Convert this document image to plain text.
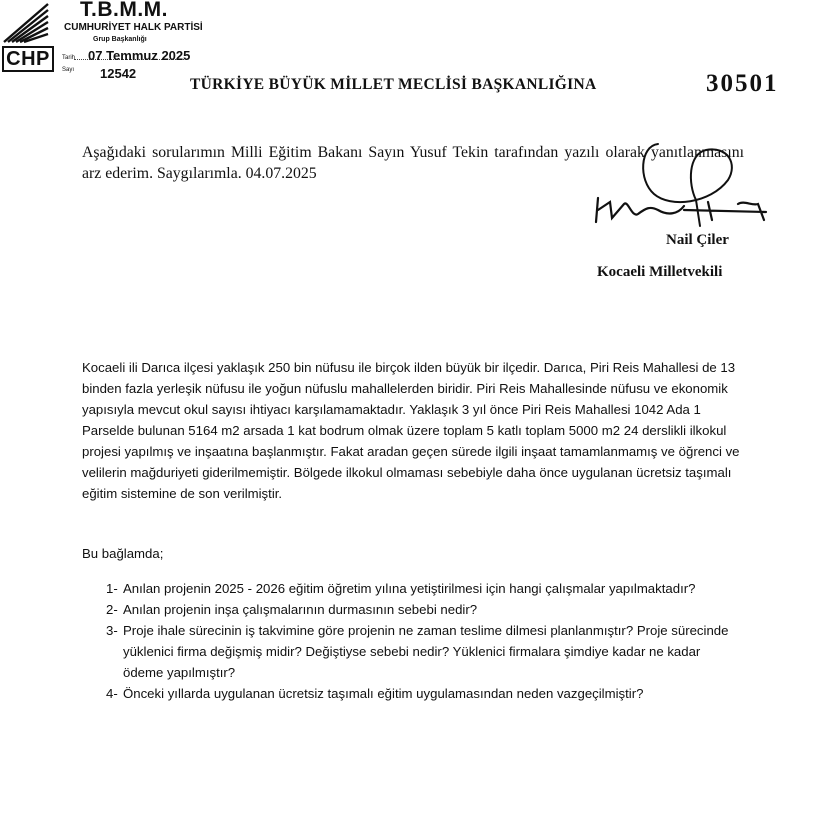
CHP
T.B.M.M.
CUMHURİYET HALK PARTİSİ
Grup Başkanlığı
Tarih 07 Temmuz 2025
Sayı 12542
TÜRKİYE BÜYÜK MİLLET MECLİSİ BAŞKANLIĞINA	30501
Aşağıdaki sorularımın Milli Eğitim Bakanı Sayın Yusuf Tekin tarafından yazılı olarak yanıtlanmasını arz ederim. Saygılarımla. 04.07.2025
Nail Çiler
Kocaeli Milletvekili

Kocaeli ili Darıca ilçesi yaklaşık 250 bin nüfusu ile birçok ilden büyük bir ilçedir. Darıca, Piri Reis Mahallesi de 13 binden fazla yerleşik nüfusu ile yoğun nüfuslu mahallelerden biridir. Piri Reis Mahallesinde nüfusu ve ekonomik yapısıyla mevcut okul sayısı ihtiyacı karşılamamaktadır. Yaklaşık 3 yıl önce Piri Reis Mahallesi 1042 Ada 1 Parselde bulunan 5164 m2 arsada 1 kat bodrum olmak üzere toplam 5 katlı toplam 5000 m2 24 derslikli ilkokul projesi yapılmış ve inşaatına başlanmıştır. Fakat aradan geçen sürede ilgili inşaat tamamlanmamış ve öğrenci ve velilerin mağduriyeti giderilmemiştir. Bölgede ilkokul olmaması sebebiyle daha önce uygulanan ücretsiz taşımalı eğitim sistemine de son verilmiştir.

Bu bağlamda;
1- Anılan projenin 2025 - 2026 eğitim öğretim yılına yetiştirilmesi için hangi çalışmalar yapılmaktadır?
2- Anılan projenin inşa çalışmalarının durmasının sebebi nedir?
3- Proje ihale sürecinin iş takvimine göre projenin ne zaman teslime dilmesi planlanmıştır? Proje sürecinde yüklenici firma değişmiş midir? Değiştiyse sebebi nedir? Yüklenici firmalara şimdiye kadar ne kadar ödeme yapılmıştır?
4- Önceki yıllarda uygulanan ücretsiz taşımalı eğitim uygulamasından neden vazgeçilmiştir?
